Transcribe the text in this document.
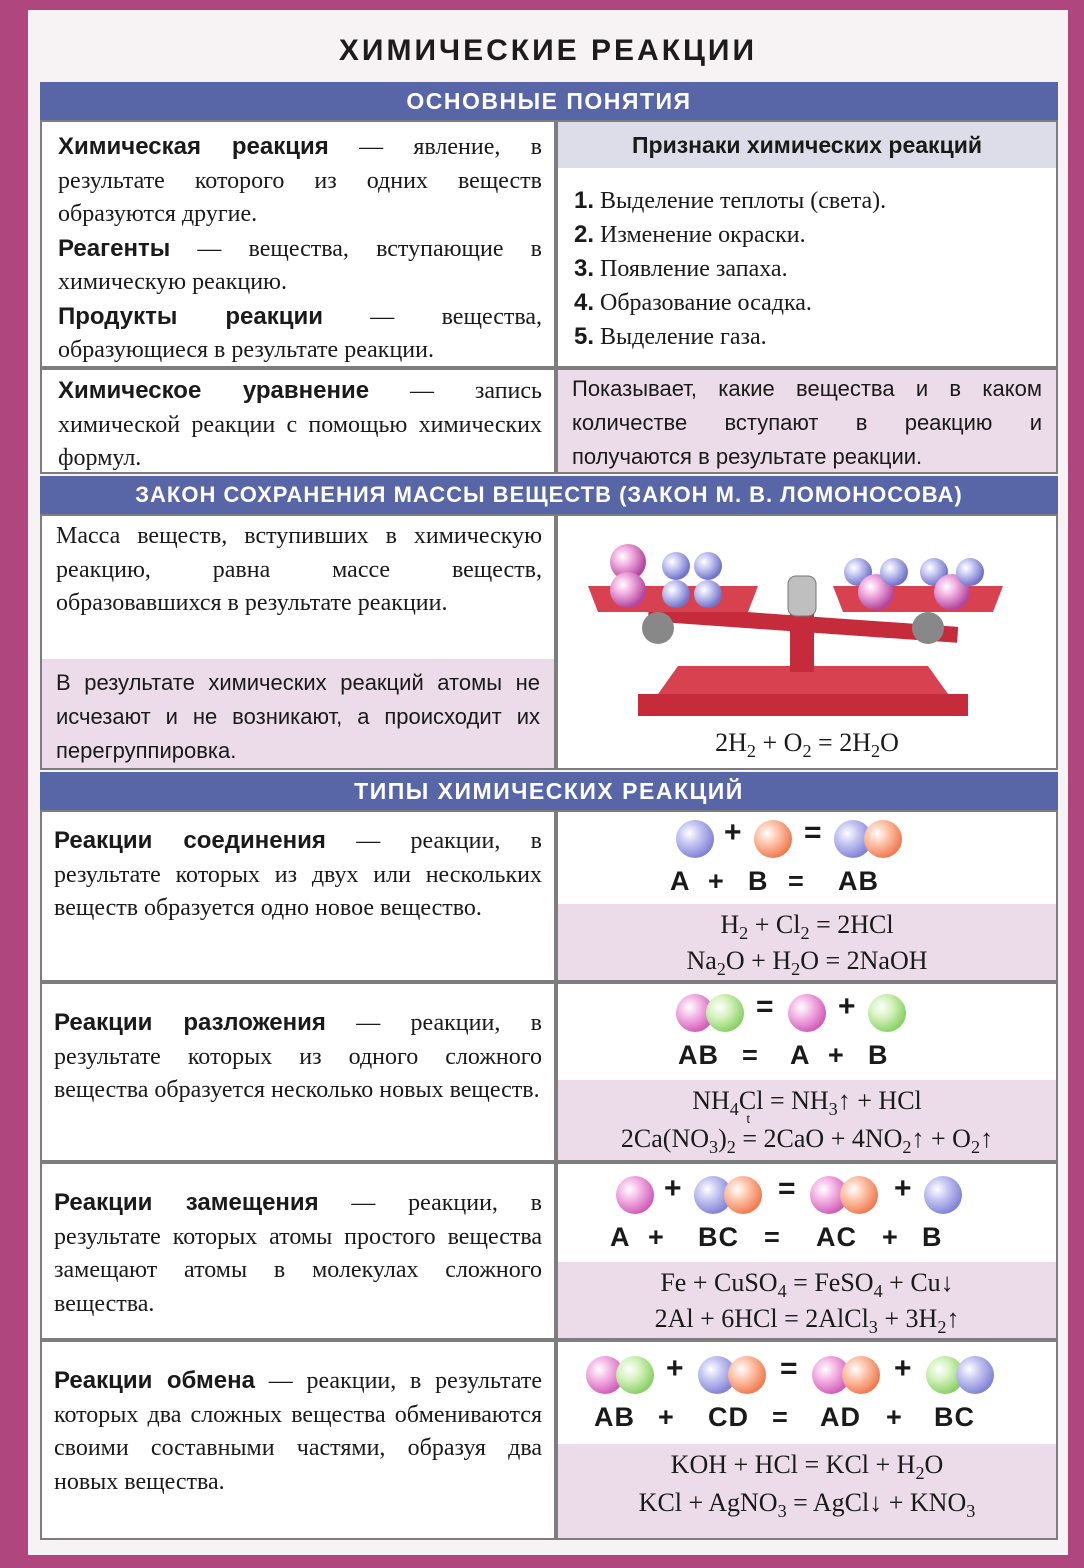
ХИМИЧЕСКИЕ РЕАКЦИИ
ОСНОВНЫЕ ПОНЯТИЯ
Химическая реакция — явление, в результате которого из одних веществ образуются другие.
Реагенты — вещества, вступающие в химическую реакцию.
Продукты реакции — вещества, образующиеся в результате реакции.
Признаки химических реакций
1. Выделение теплоты (света).
2. Изменение окраски.
3. Появление запаха.
4. Образование осадка.
5. Выделение газа.
Химическое уравнение — запись химической реакции с помощью химических формул.
Показывает, какие вещества и в каком количестве вступают в реакцию и получаются в результате реакции.
ЗАКОН СОХРАНЕНИЯ МАССЫ ВЕЩЕСТВ (ЗАКОН М. В. ЛОМОНОСОВА)
Масса веществ, вступивших в химическую реакцию, равна массе веществ, образовавшихся в результате реакции.
В результате химических реакций атомы не исчезают и не возникают, а происходит их перегруппировка.	$2H_2 + O_2 = 2H_2O$
ТИПЫ ХИМИЧЕСКИХ РЕАКЦИЙ
Реакции соединения — реакции, в результате которых из двух или нескольких веществ образуется одно новое вещество.
+ =
A + B = AB
$H_2 + Cl_2 = 2HCl$
$Na_2O + H_2O$ = 2NaOH
Реакции разложения — реакции, в результате которых из одного сложного вещества образуется несколько новых веществ.
= +
AB = A + B
$NH_4Cl$ = $NH_3↑$ + HCl
$2Ca(NO_3)_2$
t
= $2CaO + 4NO_2↑$ + $O_2↑$
Реакции замещения — реакции, в результате которых атомы простого вещества замещают атомы в молекулах сложного вещества.
+	=	+
A + BC = AC + B
Fe + CuSO$_4$ = FeSO$_4$ + Cu↓
2Al + 6HCl = 2AlCl$_3$ + $3H_2↑$
Реакции обмена — реакции, в результате которых два сложных вещества обмениваются своими составными частями, образуя два новых вещества.
+	=	+
AB + CD = AD + BC
KOH + HCl = KCl + $H_2O$
KCl + AgNO$_3$ = AgCl↓ + $KNO_3$
